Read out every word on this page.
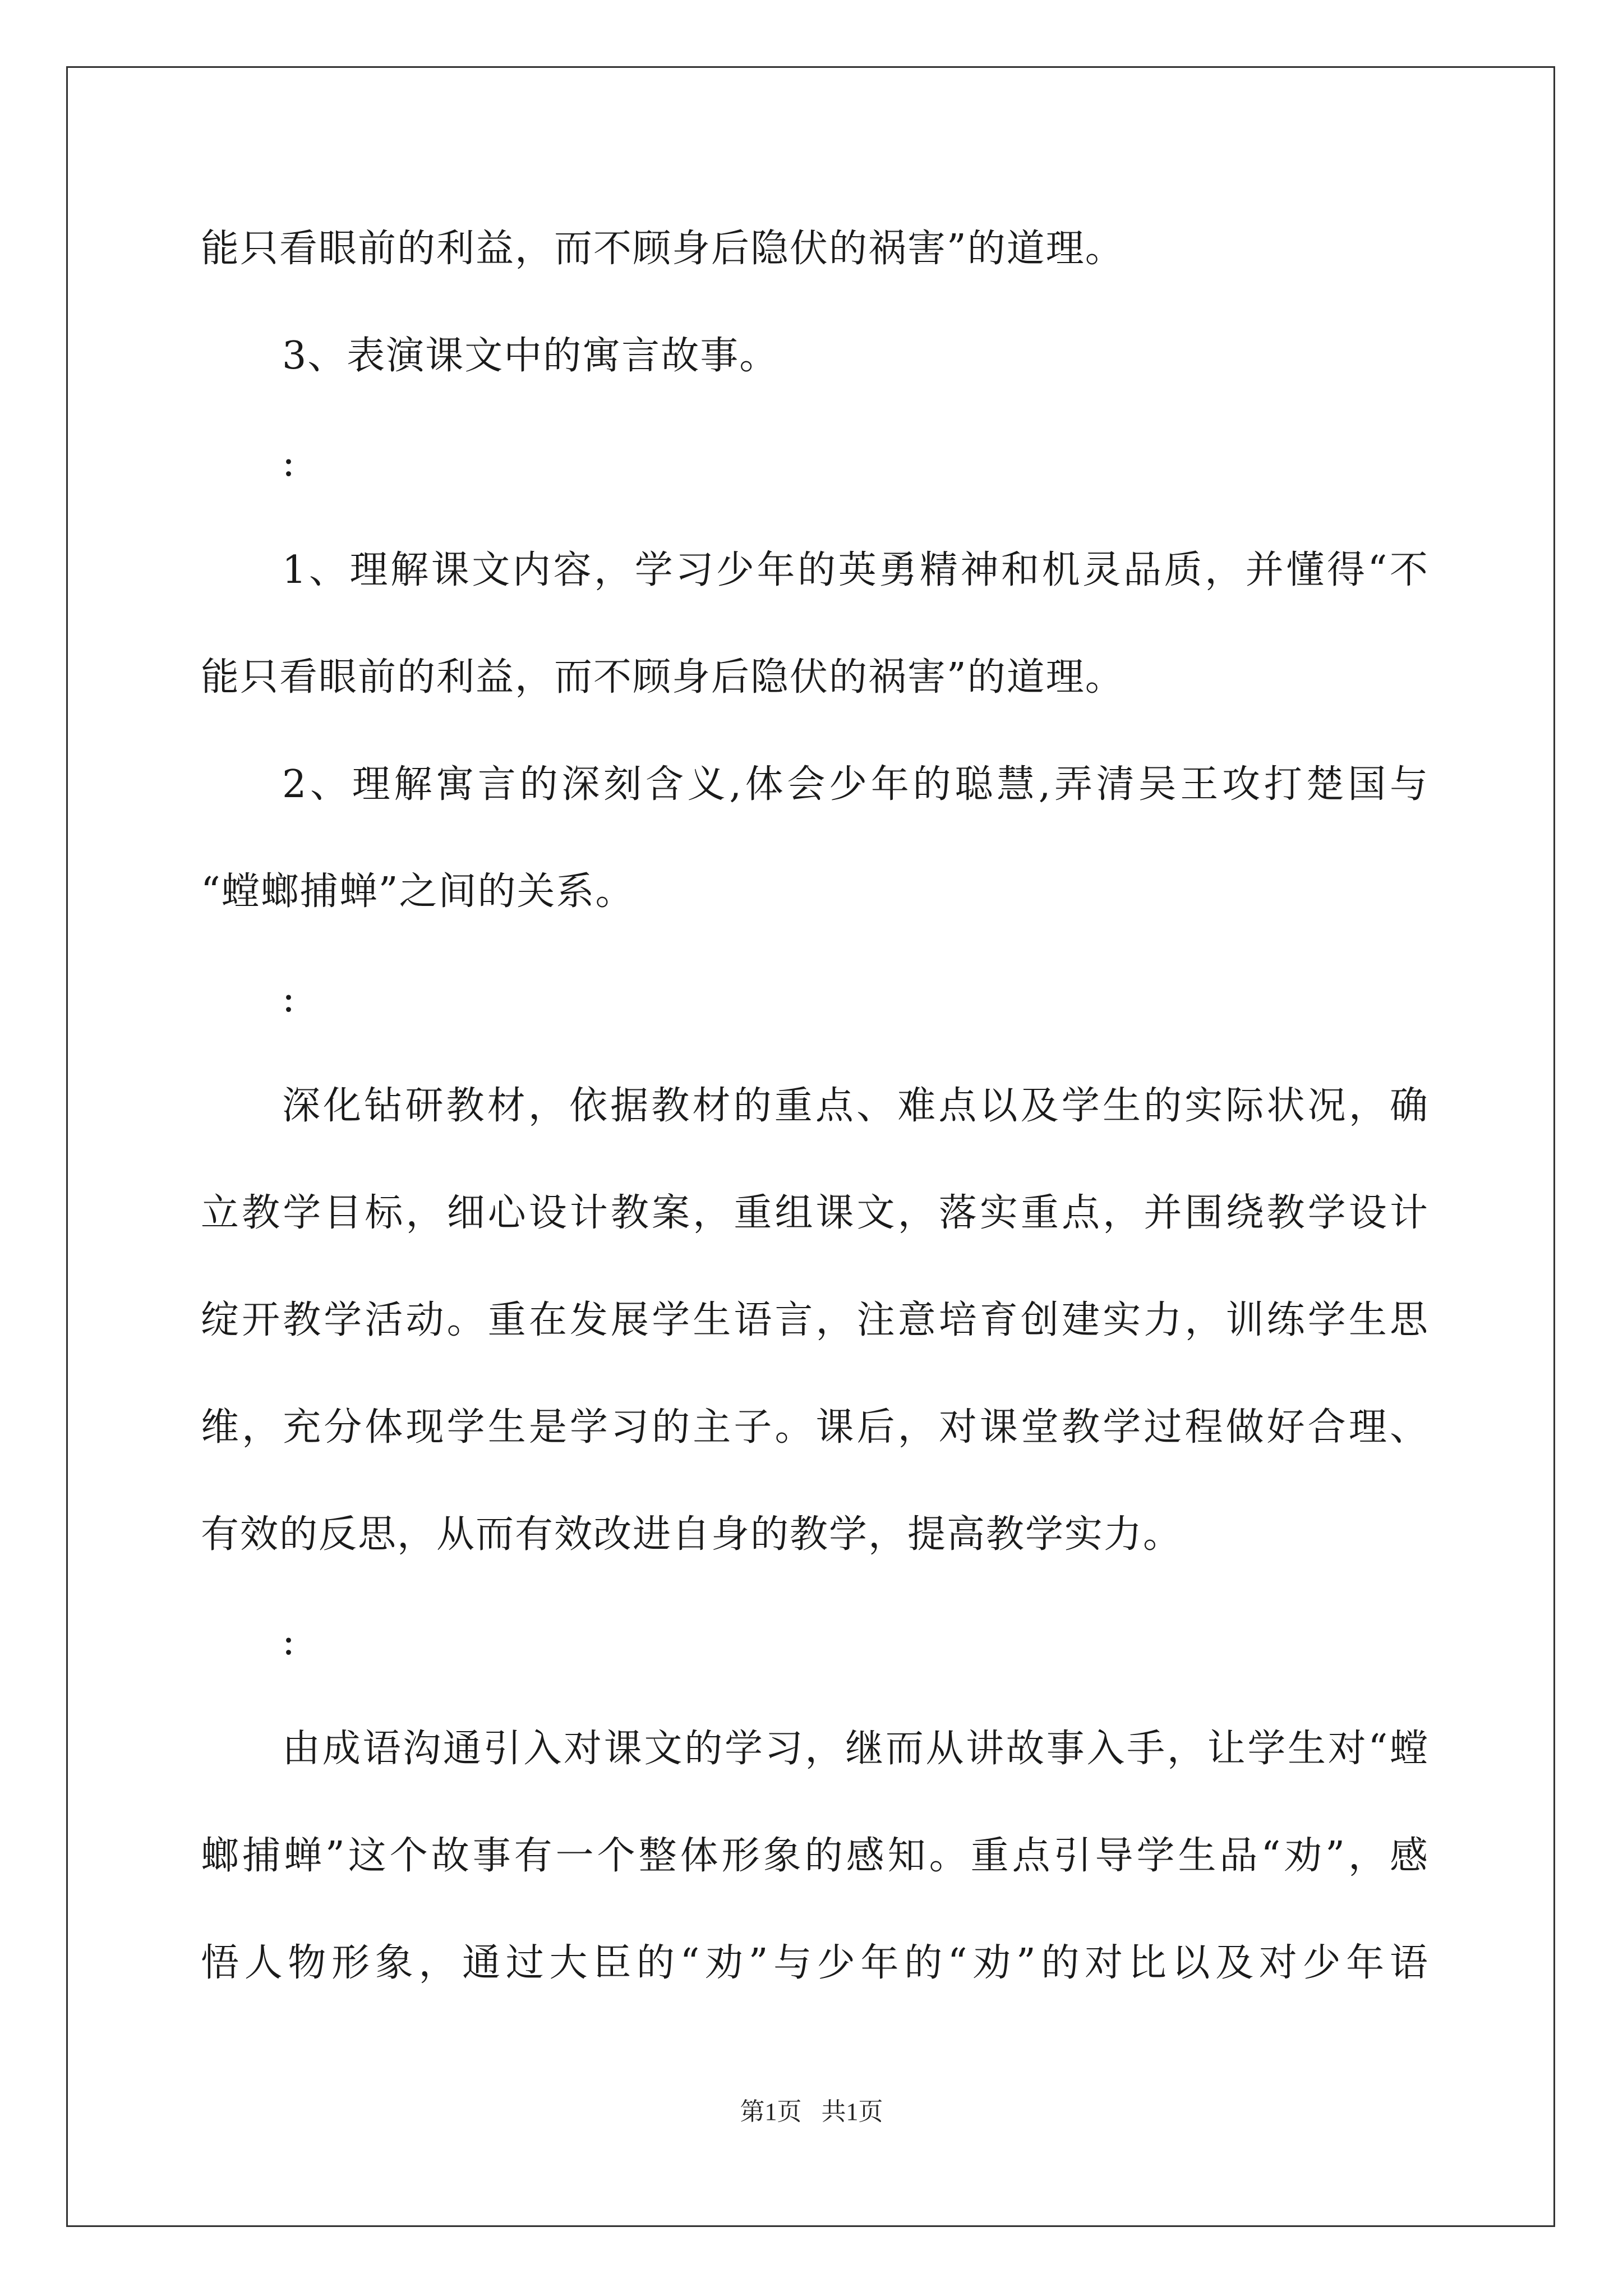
能只看眼前的利益，而不顾身后隐伏的祸害”的道理。
3、表演课文中的寓言故事。
:
1、理解课文内容，学习少年的英勇精神和机灵品质，并懂得“不
能只看眼前的利益，而不顾身后隐伏的祸害”的道理。
2、理解寓言的深刻含义,体会少年的聪慧,弄清吴王攻打楚国与
“螳螂捕蝉”之间的关系。
:
深化钻研教材，依据教材的重点、难点以及学生的实际状况，确
立教学目标，细心设计教案，重组课文，落实重点，并围绕教学设计
绽开教学活动。重在发展学生语言，注意培育创建实力，训练学生思
维，充分体现学生是学习的主子。课后，对课堂教学过程做好合理、
有效的反思，从而有效改进自身的教学，提高教学实力。
:
由成语沟通引入对课文的学习，继而从讲故事入手，让学生对“螳
螂捕蝉”这个故事有一个整体形象的感知。重点引导学生品“劝”，感
悟人物形象，通过大臣的“劝”与少年的“劝”的对比以及对少年语
第1页 共1页
